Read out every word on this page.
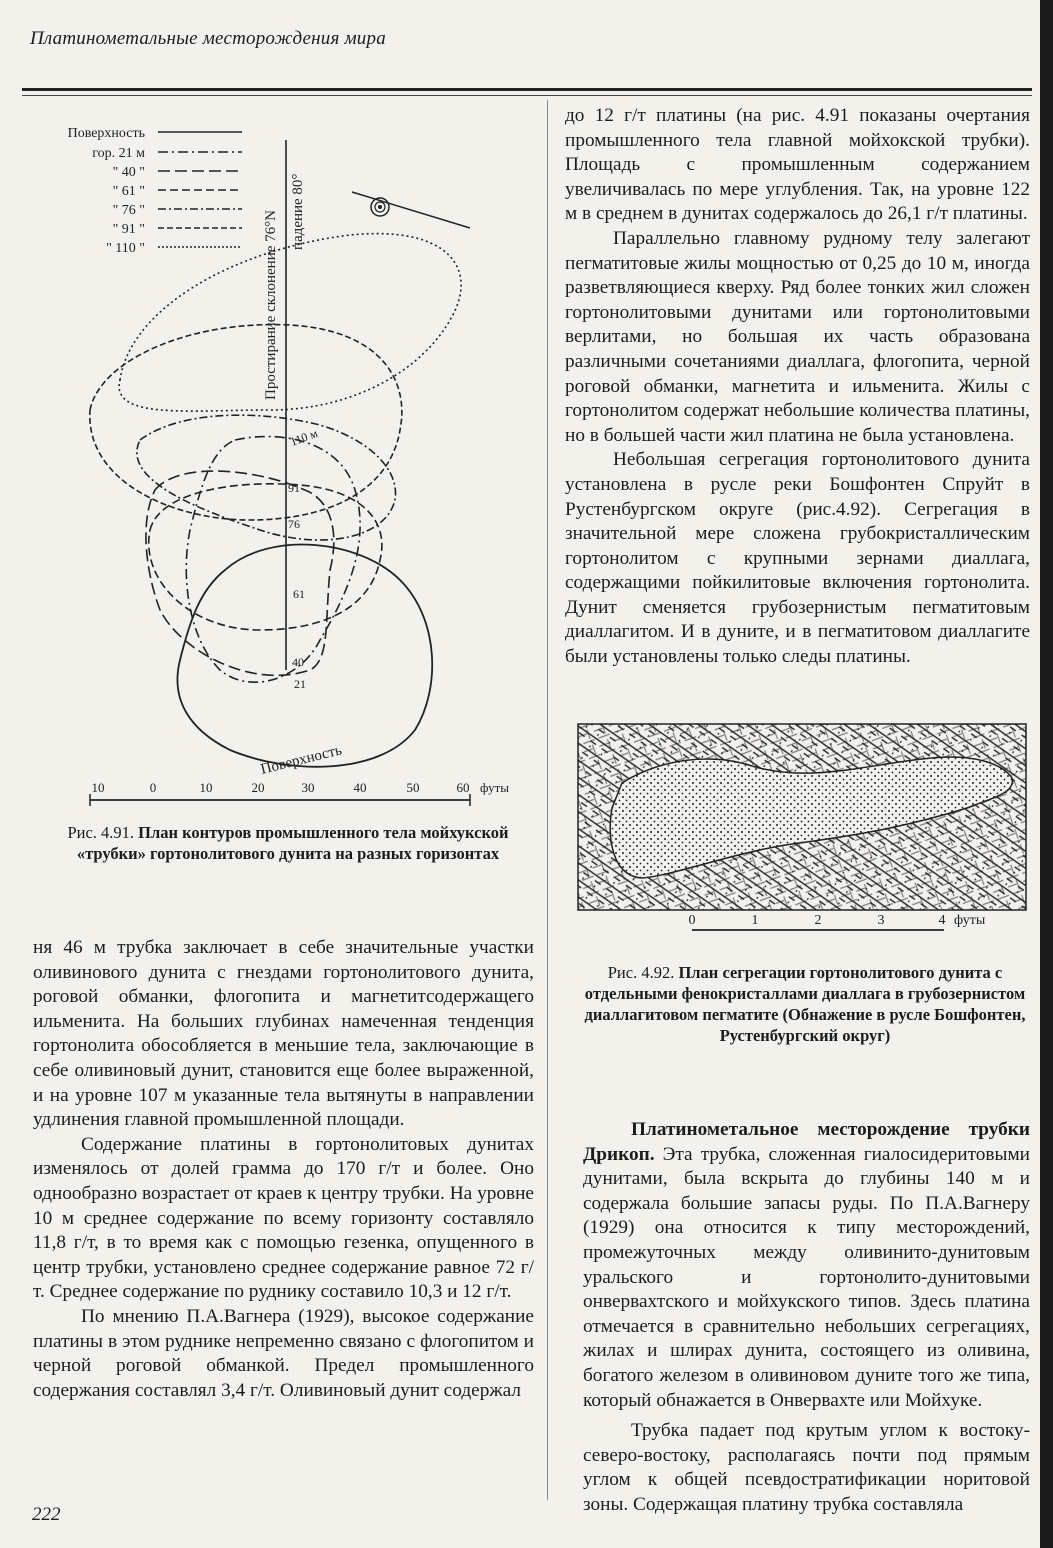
Платинометальные месторождения мира
Поверхность
гор. 21 м
" 40 "
" 61 "
" 76 "
" 91 "
" 110 "	Простирание склонение 76°N падение 80°
110 м
91
76
61
40
21
Поверхность
10	0	10	20	30	40	50	60 футы
Рис. 4.91. План контуров промышленного тела мойхукской «трубки» гортонолитового дунита на разных горизонтах

ня 46 м трубка заключает в себе значительные участки оливинового дунита с гнездами гортонолитового дунита, роговой обманки, флогопита и магнетитсодержащего ильменита. На больших глубинах намеченная тенденция гортонолита обособляется в меньшие тела, заключающие в себе оливиновый дунит, становится еще более выраженной, и на уровне 107 м указанные тела вытянуты в направлении удлинения главной промышленной площади.

Содержание платины в гортонолитовых дунитах изменялось от долей грамма до 170 г/т и более. Оно однообразно возрастает от краев к центру трубки. На уровне 10 м среднее содержание по всему горизонту составляло 11,8 г/т, в то время как с помощью гезенка, опущенного в центр трубки, установлено среднее содержание равное 72 г/т. Среднее содержание по руднику составило 10,3 и 12 г/т.

По мнению П.А.Вагнера (1929), высокое содержание платины в этом руднике непременно связано с флогопитом и черной роговой обманкой. Предел промышленного содержания составлял 3,4 г/т. Оливиновый дунит содержал

до 12 г/т платины (на рис. 4.91 показаны очертания промышленного тела главной мойхокской трубки). Площадь с промышленным содержанием увеличивалась по мере углубления. Так, на уровне 122 м в среднем в дунитах содержалось до 26,1 г/т платины.

Параллельно главному рудному телу залегают пегматитовые жилы мощностью от 0,25 до 10 м, иногда разветвляющиеся кверху. Ряд более тонких жил сложен гортонолитовыми дунитами или гортонолитовыми верлитами, но большая их часть образована различными сочетаниями диаллага, флогопита, черной роговой обманки, магнетита и ильменита. Жилы с гортонолитом содержат небольшие количества платины, но в большей части жил платина не была установлена.

Небольшая сегрегация гортонолитового дунита установлена в русле реки Бошфонтен Спруйт в Рустенбургском округе (рис.4.92). Сегрегация в значительной мере сложена грубокристаллическим гортонолитом с крупными зернами диаллага, содержащими пойкилитовые включения гортонолита. Дунит сменяется грубозернистым пегматитовым диаллагитом. И в дуните, и в пегматитовом диаллагите были установлены только следы платины.

0	1	2	3	4 футы
Рис. 4.92. План сегрегации гортонолитового дунита с отдельными фенокристаллами диаллага в грубозернистом диаллагитовом пегматите (Обнажение в русле Бошфонтен, Рустенбургский округ)

Платинометальное месторождение трубки Дрикоп. Эта трубка, сложенная гиалосидеритовыми дунитами, была вскрыта до глубины 140 м и содержала большие запасы руды. По П.А.Вагнеру (1929) она относится к типу месторождений, промежуточных между оливинито-дунитовым уральского и гортонолито-дунитовыми онвервахтского и мойхукского типов. Здесь платина отмечается в сравнительно небольших сегрегациях, жилах и шлирах дунита, состоящего из оливина, богатого железом в оливиновом дуните того же типа, который обнажается в Онвервахте или Мойхуке.

Трубка падает под крутым углом к востоку-северо-востоку, располагаясь почти под прямым углом к общей псевдостратификации норитовой зоны. Содержащая платину трубка составляла

222
